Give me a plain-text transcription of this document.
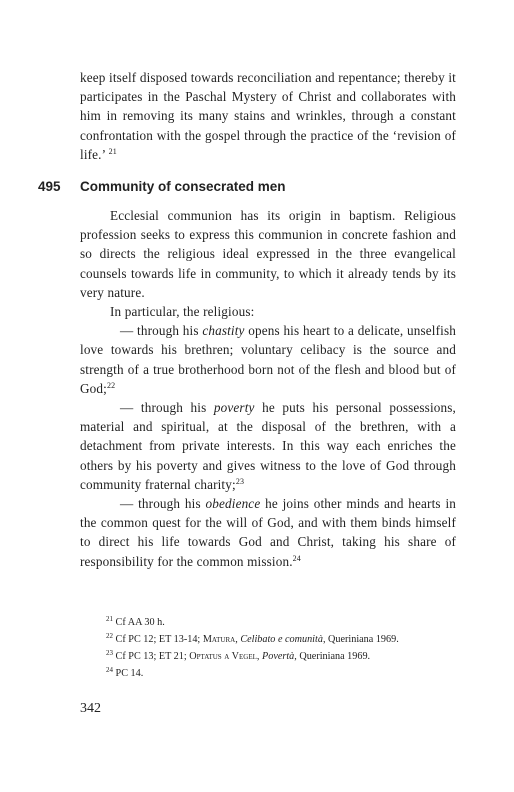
keep itself disposed towards reconciliation and repentance; thereby it participates in the Paschal Mystery of Christ and collaborates with him in removing its many stains and wrinkles, through a constant confrontation with the gospel through the practice of the ‘revision of life.’ $^{21}$

495 Community of consecrated men

Ecclesial communion has its origin in baptism. Religious profession seeks to express this communion in concrete fashion and so directs the religious ideal expressed in the three evangelical counsels towards life in community, to which it already tends by its very nature.

In particular, the religious:

— through his chastity opens his heart to a delicate, unselfish love towards his brethren; voluntary celibacy is the source and strength of a true brotherhood born not of the flesh and blood but of God;$^{22}$

— through his poverty he puts his personal possessions, material and spiritual, at the disposal of the brethren, with a detachment from private interests. In this way each enriches the others by his poverty and gives witness to the love of God through community fraternal charity;$^{23}$

— through his obedience he joins other minds and hearts in the common quest for the will of God, and with them binds himself to direct his life towards God and Christ, taking his share of responsibility for the common mission.$^{24}$

$^{21}$ Cf AA 30 h.

$^{22}$ Cf PC 12; ET 13-14; Matura, Celibato e comunità, Queriniana 1969.

$^{23}$ Cf PC 13; ET 21; Optatus a Vegel, Povertà, Queriniana 1969.

$^{24}$ PC 14.

342
